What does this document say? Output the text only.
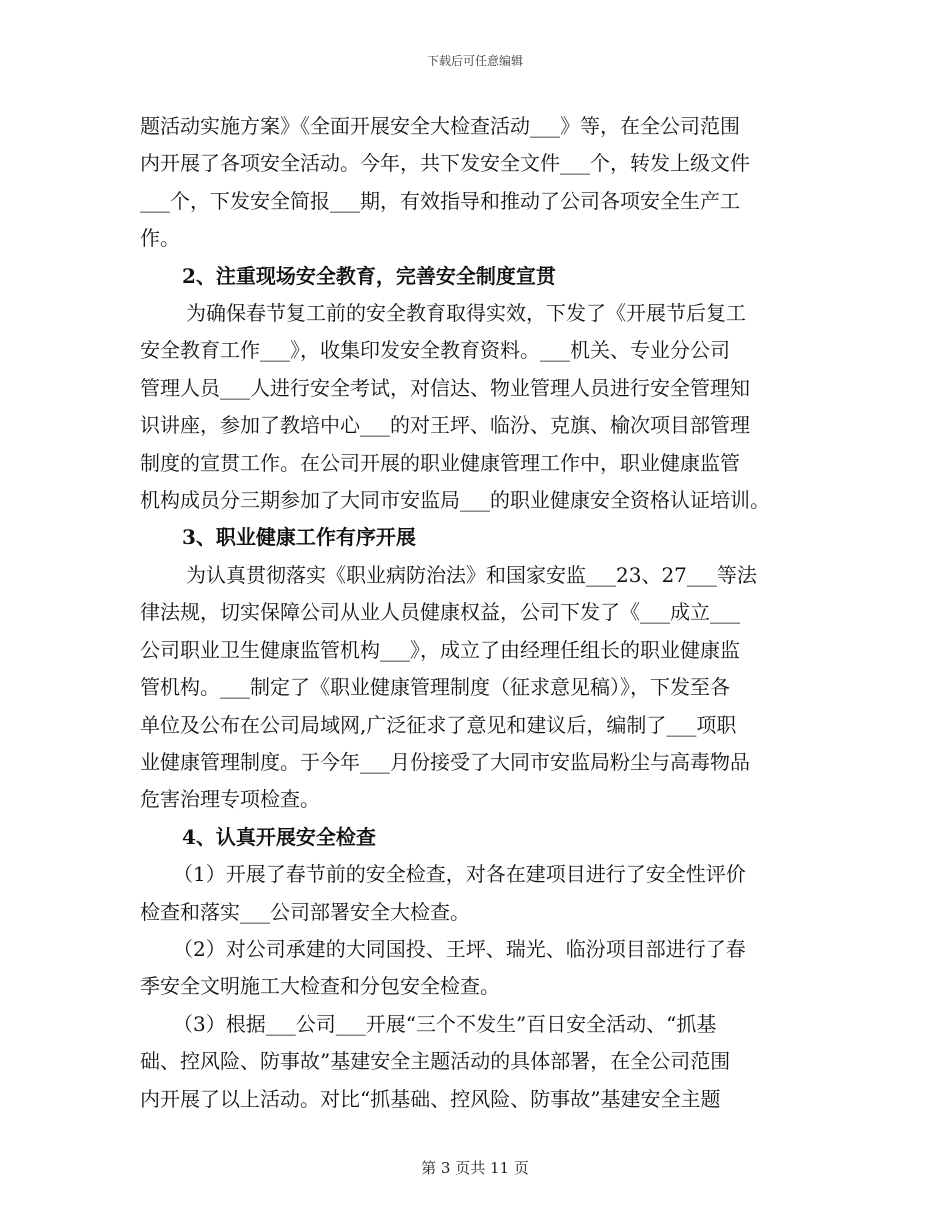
下载后可任意编辑

题活动实施方案》《全面开展安全大检查活动___》等，在全公司范围
内开展了各项安全活动。今年，共下发安全文件___个，转发上级文件
___个，下发安全简报___期，有效指导和推动了公司各项安全生产工
作。

2、注重现场安全教育，完善安全制度宣贯

为确保春节复工前的安全教育取得实效，下发了《开展节后复工
安全教育工作___》，收集印发安全教育资料。___机关、专业分公司
管理人员___人进行安全考试，对信达、物业管理人员进行安全管理知
识讲座，参加了教培中心___的对王坪、临汾、克旗、榆次项目部管理
制度的宣贯工作。在公司开展的职业健康管理工作中，职业健康监管
机构成员分三期参加了大同市安监局___的职业健康安全资格认证培训。

3、职业健康工作有序开展

为认真贯彻落实《职业病防治法》和国家安监___23、27___等法
律法规，切实保障公司从业人员健康权益，公司下发了《___成立___
公司职业卫生健康监管机构___》，成立了由经理任组长的职业健康监
管机构。___制定了《职业健康管理制度（征求意见稿）》，下发至各
单位及公布在公司局域网,广泛征求了意见和建议后，编制了___项职
业健康管理制度。于今年___月份接受了大同市安监局粉尘与高毒物品
危害治理专项检查。

4、认真开展安全检查

（1）开展了春节前的安全检查，对各在建项目进行了安全性评价
检查和落实___公司部署安全大检查。

（2）对公司承建的大同国投、王坪、瑞光、临汾项目部进行了春
季安全文明施工大检查和分包安全检查。

（3）根据___公司___开展“三个不发生”百日安全活动、“抓基
础、控风险、防事故”基建安全主题活动的具体部署，在全公司范围
内开展了以上活动。对比“抓基础、控风险、防事故”基建安全主题

第 3 页共 11 页
